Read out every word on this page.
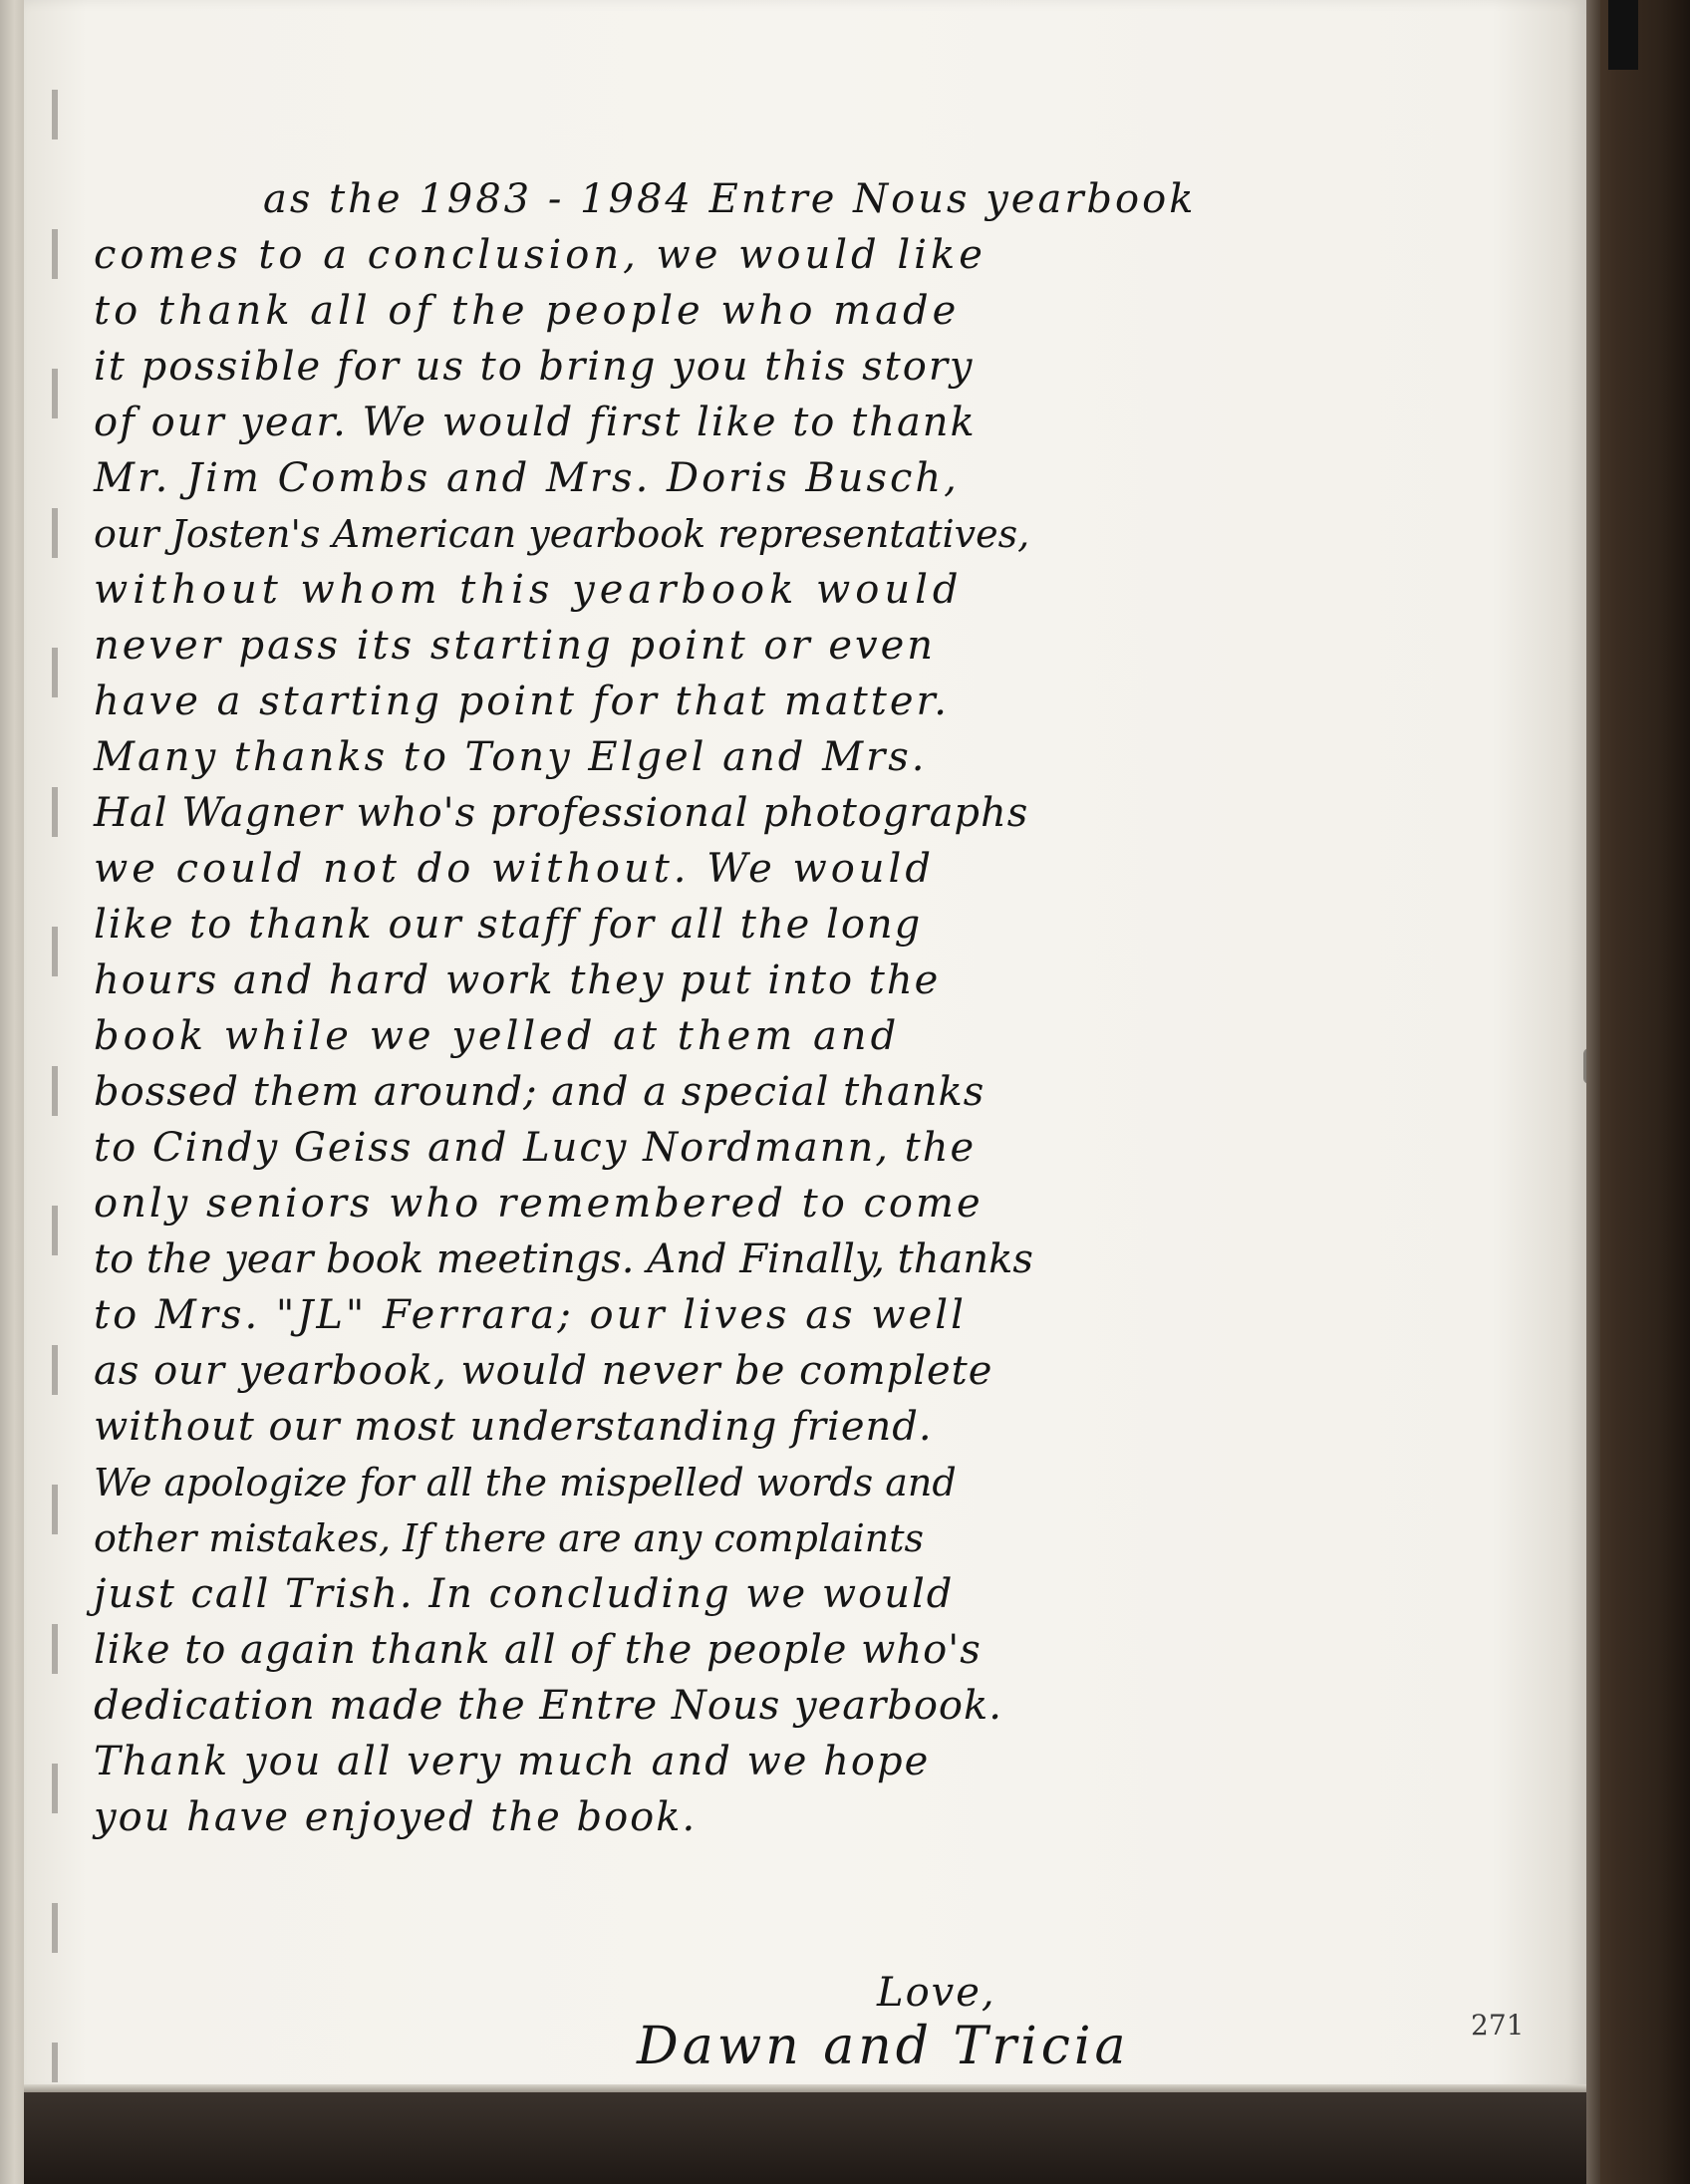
as the 1983 - 1984 Entre Nous yearbook
comes to a conclusion, we would like
to thank all of the people who made
it possible for us to bring you this story
of our year. We would first like to thank
Mr. Jim Combs and Mrs. Doris Busch,
our Josten's American yearbook representatives,
without whom this yearbook would
never pass its starting point or even
have a starting point for that matter.
Many thanks to Tony Elgel and Mrs.
Hal Wagner who's professional photographs
we could not do without. We would
like to thank our staff for all the long
hours and hard work they put into the
book while we yelled at them and
bossed them around; and a special thanks
to Cindy Geiss and Lucy Nordmann, the
only seniors who remembered to come
to the year book meetings. And Finally, thanks
to Mrs. "JL" Ferrara; our lives as well
as our yearbook, would never be complete
without our most understanding friend.
We apologize for all the mispelled words and
other mistakes, If there are any complaints
just call Trish. In concluding we would
like to again thank all of the people who's
dedication made the Entre Nous yearbook.
Thank you all very much and we hope
you have enjoyed the book.
Love,
Dawn and Tricia	271
